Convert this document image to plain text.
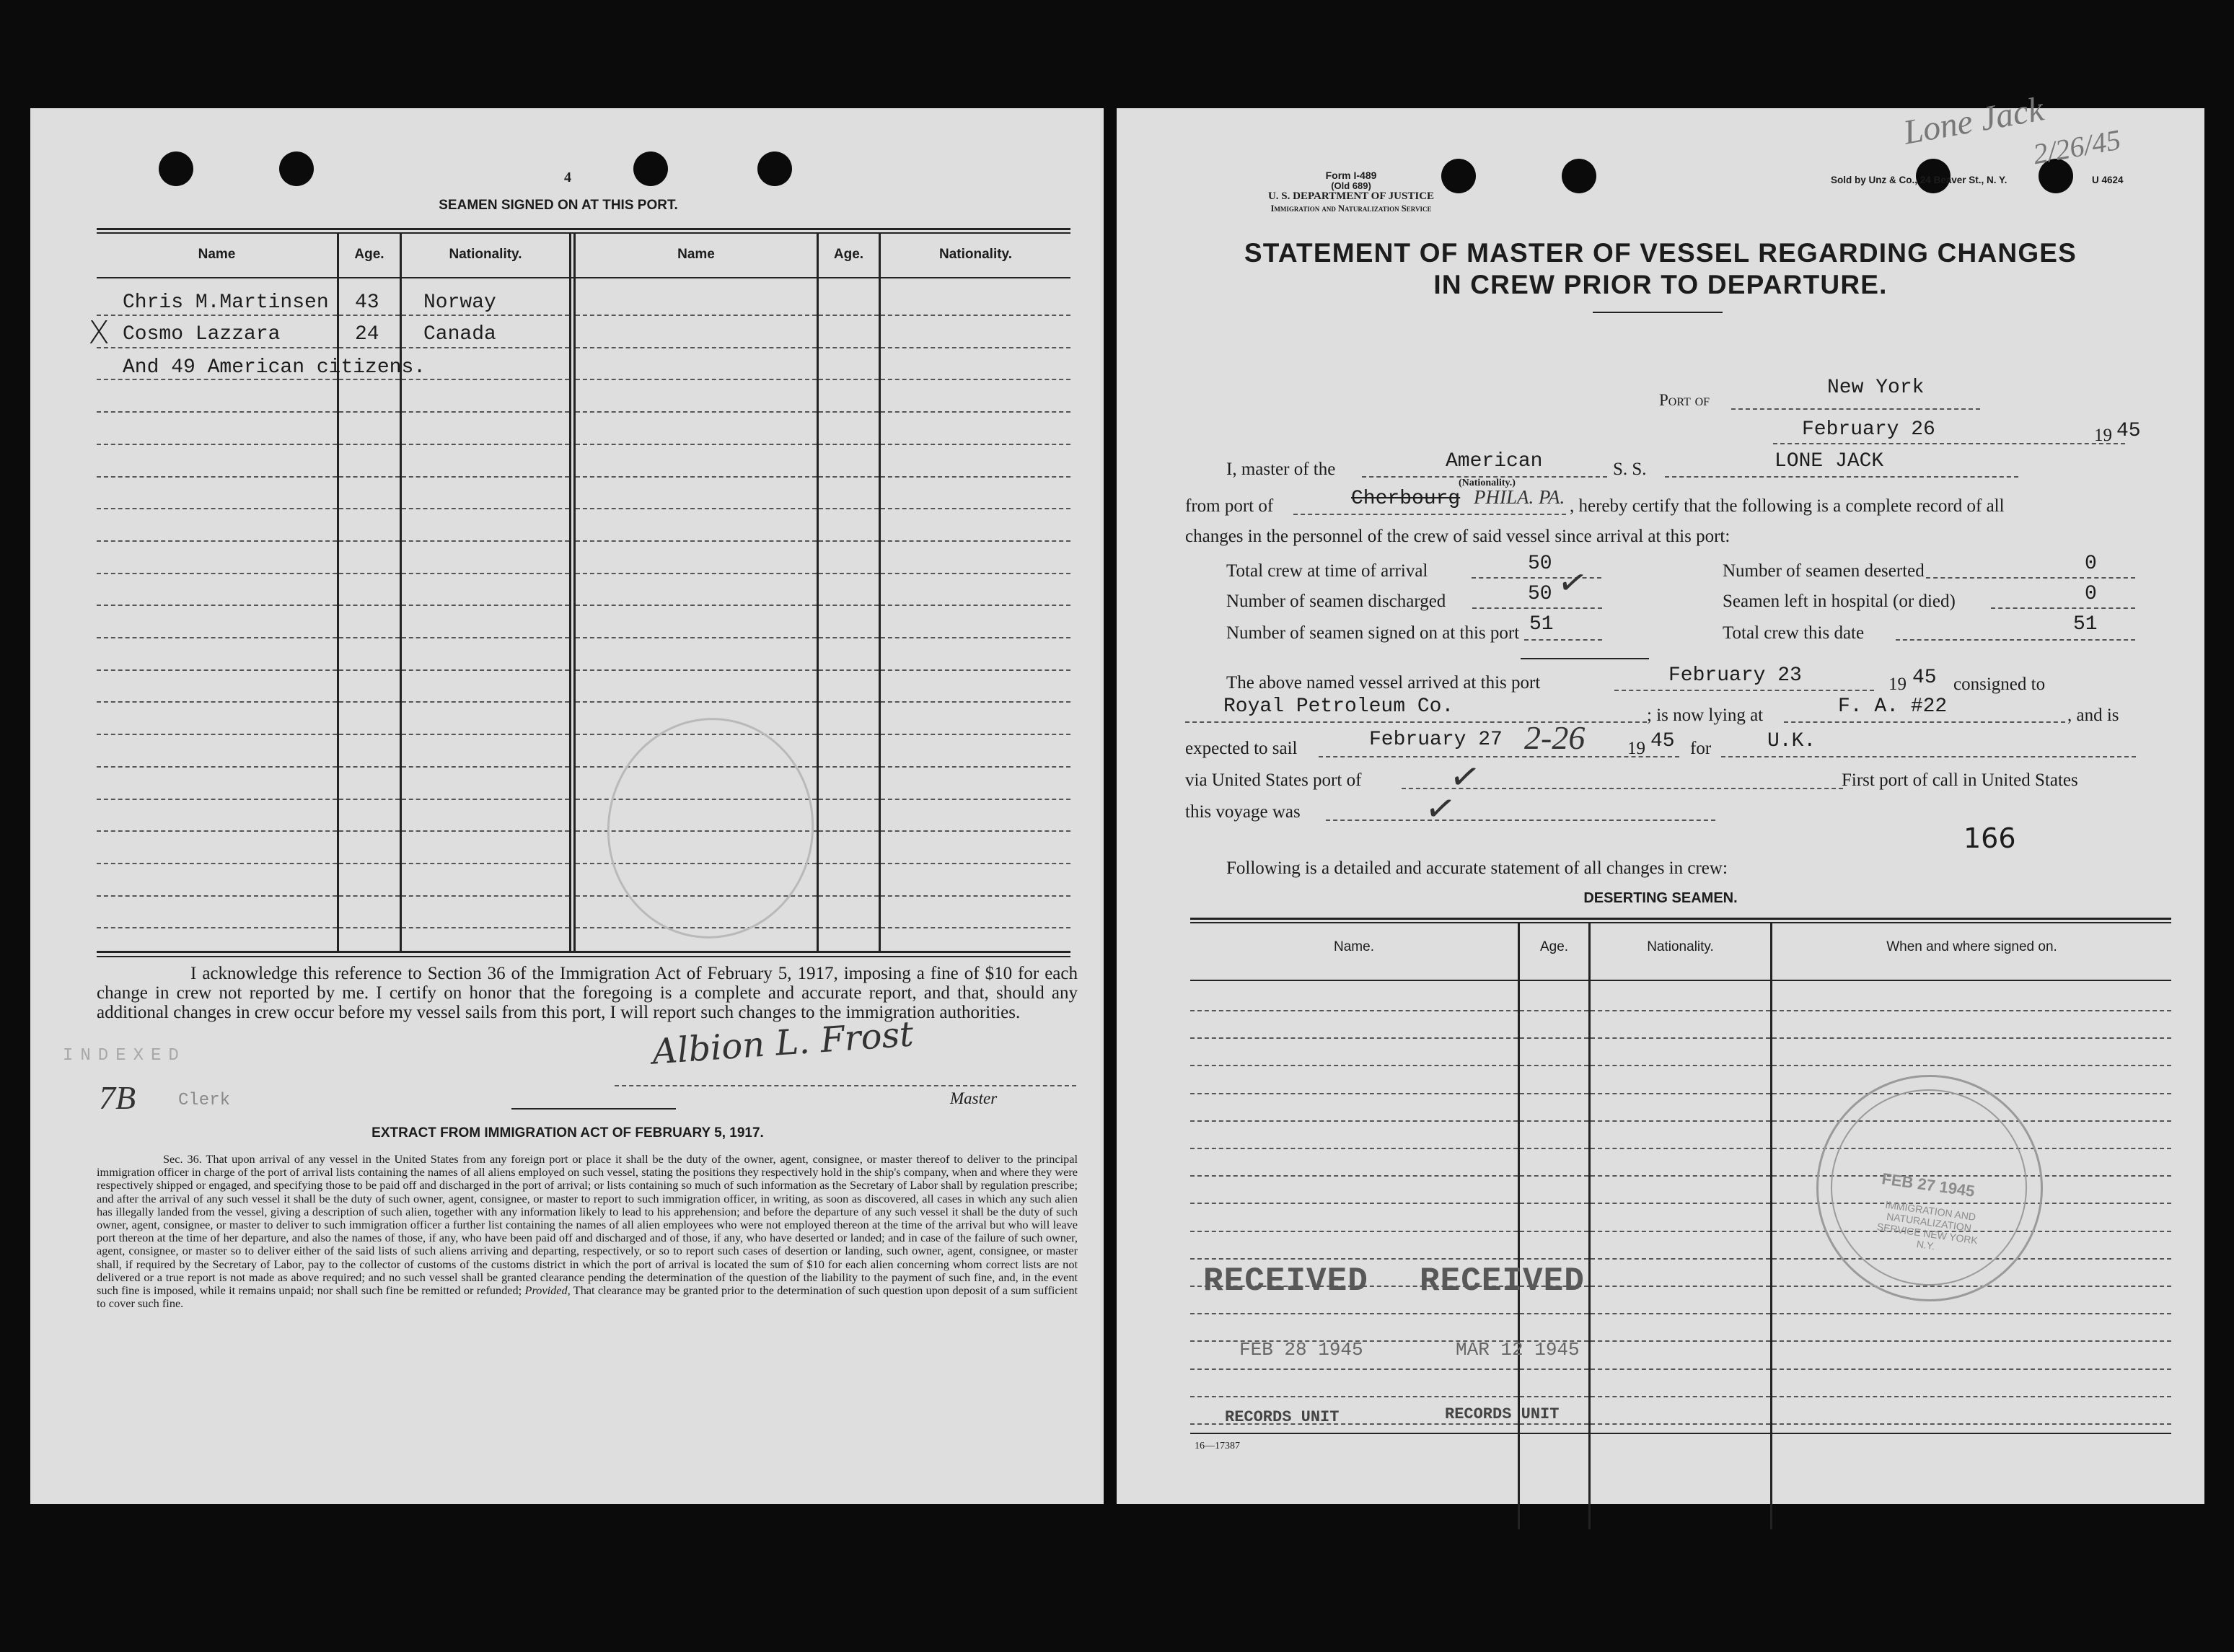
4
SEAMEN SIGNED ON AT THIS PORT.
Name	Age.	Nationality.	Name	Age.	Nationality.
Chris M.Martinsen 43 Norway
X Cosmo Lazzara	24 Canada
And 49 American citizens.
I acknowledge this reference to Section 36 of the Immigration Act of February 5, 1917, imposing a fine of $10 for each change in crew not reported by me. I certify on honor that the foregoing is a complete and accurate report, and that, should any additional changes in crew occur before my vessel sails from this port, I will report such changes to the immigration authorities.
INDEXED
7B Clerk
Albion L. Frost
Master
EXTRACT FROM IMMIGRATION ACT OF FEBRUARY 5, 1917.
Sec. 36. That upon arrival of any vessel in the United States from any foreign port or place it shall be the duty of the owner, agent, consignee, or master thereof to deliver to the principal immigration officer in charge of the port of arrival lists containing the names of all aliens employed on such vessel, stating the positions they respectively hold in the ship's company, when and where they were respectively shipped or engaged, and specifying those to be paid off and discharged in the port of arrival; or lists containing so much of such information as the Secretary of Labor shall by regulation prescribe; and after the arrival of any such vessel it shall be the duty of such owner, agent, consignee, or master to report to such immigration officer, in writing, as soon as discovered, all cases in which any such alien has illegally landed from the vessel, giving a description of such alien, together with any information likely to lead to his apprehension; and before the departure of any such vessel it shall be the duty of such owner, agent, consignee, or master to deliver to such immigration officer a further list containing the names of all alien employees who were not employed thereon at the time of the arrival but who will leave port thereon at the time of her departure, and also the names of those, if any, who have been paid off and discharged and of those, if any, who have deserted or landed; and in case of the failure of such owner, agent, consignee, or master so to deliver either of the said lists of such aliens arriving and departing, respectively, or so to report such cases of desertion or landing, such owner, agent, consignee, or master shall, if required by the Secretary of Labor, pay to the collector of customs of the customs district in which the port of arrival is located the sum of $10 for each alien concerning whom correct lists are not delivered or a true report is not made as above required; and no such vessel shall be granted clearance pending the determination of the question of the liability to the payment of such fine, and, in the event such fine is imposed, while it remains unpaid; nor shall such fine be remitted or refunded; Provided, That clearance may be granted prior to the determination of such question upon deposit of a sum sufficient to cover such fine.
Lone Jack
2/26/45
Form I-489
(Old 689)
U. S. DEPARTMENT OF JUSTICE
Immigration and Naturalization Service
Sold by Unz & Co., 24 Beaver St., N. Y.	U 4624
STATEMENT OF MASTER OF VESSEL REGARDING CHANGES
IN CREW PRIOR TO DEPARTURE.
Port of
New York
February 26	19 45
I, master of the	American
(Nationality.)
S. S.	LONE JACK
from port of	Cherbourg PHILA. PA. , hereby certify that the following is a complete record of all
changes in the personnel of the crew of said vessel since arrival at this port:
Total crew at time of arrival	50
Number of seamen discharged	50 ✓
Number of seamen signed on at this port 51
Number of seamen deserted	0
Seamen left in hospital (or died)	0
Total crew this date	51
The above named vessel arrived at this port	February 23	19 45 consigned to
Royal Petroleum Co.	; is now lying at	F. A. #22	, and is
expected to sail	February 27 2-26 19 45 for	U.K.
via United States port of ✓	First port of call in United States
this voyage was	✓
166
Following is a detailed and accurate statement of all changes in crew:
DESERTING SEAMEN.
Name.	Age.	Nationality.	When and where signed on.
FEB 27 1945
IMMIGRATION AND NATURALIZATION SERVICE NEW YORK N.Y.
RECEIVED RECEIVED
FEB 28 1945	MAR 12 1945
RECORDS UNIT	RECORDS UNIT
16—17387
